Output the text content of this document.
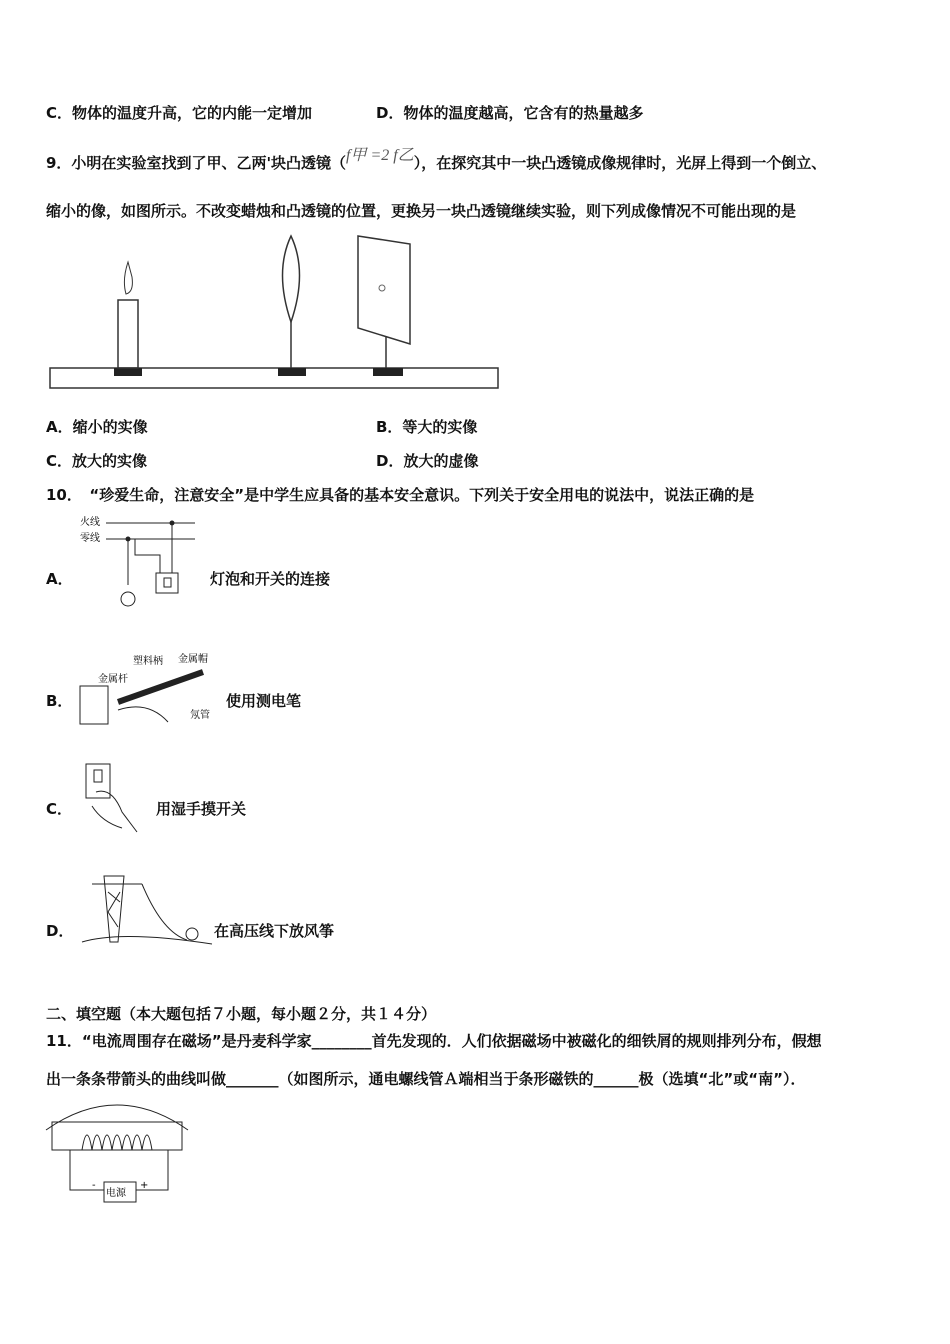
C．物体的温度升高，它的内能一定增加	D．物体的温度越高，它含有的热量越多
9．小明在实验室找到了甲、乙两'块凸透镜（f甲 =2 f乙），在探究其中一块凸透镜成像规律时，光屏上得到一个倒立、
缩小的像，如图所示。不改变蜡烛和凸透镜的位置，更换另一块凸透镜继续实验，则下列成像情况不可能出现的是
A．缩小的实像	B．等大的实像
C．放大的实像	D．放大的虚像
10．　“珍爱生命，注意安全”是中学生应具备的基本安全意识。下列关于安全用电的说法中，说法正确的是
A．
火线
零线
灯泡和开关的连接
B．
塑料柄 金属帽
金属杆
氖管
使用测电笔
C．	用湿手摸开关
D．	在高压线下放风筝
二、填空题（本大题包括７小题，每小题２分，共１４分）
11．“电流周围存在磁场”是丹麦科学家________首先发现的．人们依据磁场中被磁化的细铁屑的规则排列分布，假想
出一条条带箭头的曲线叫做_______（如图所示，通电螺线管Ａ端相当于条形磁铁的______极（选填“北”或“南”）．
电源
-	+
